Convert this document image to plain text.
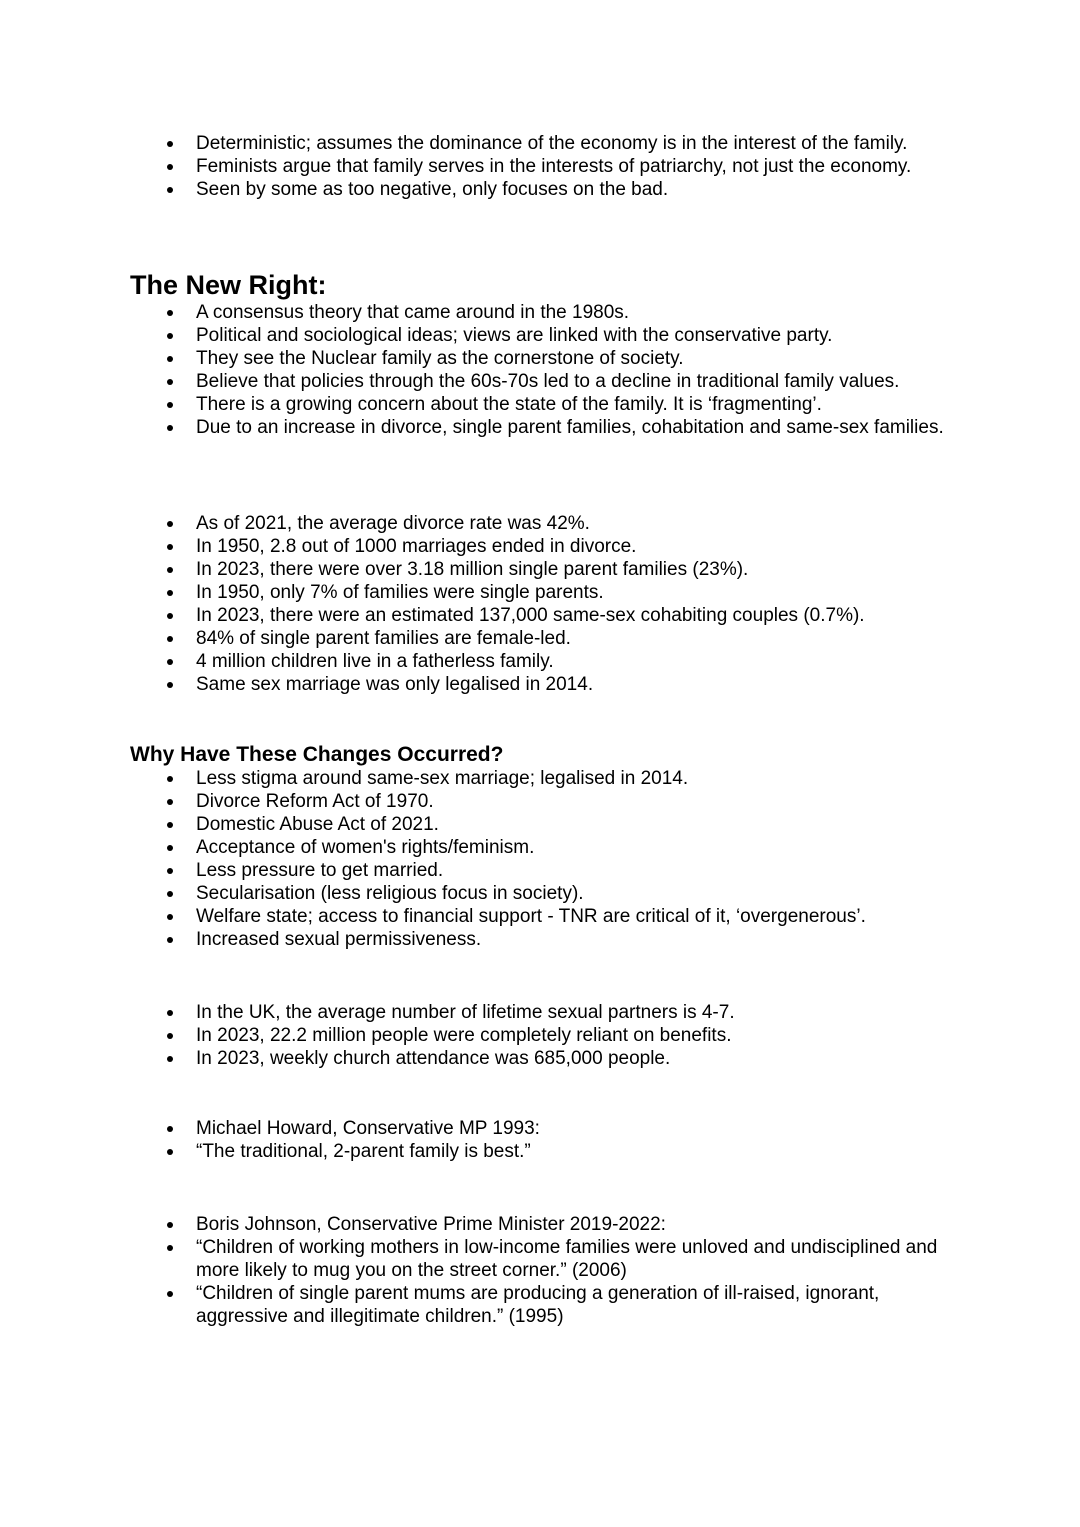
Deterministic; assumes the dominance of the economy is in the interest of the family.
Feminists argue that family serves in the interests of patriarchy, not just the economy.
Seen by some as too negative, only focuses on the bad.
The New Right:
A consensus theory that came around in the 1980s.
Political and sociological ideas; views are linked with the conservative party.
They see the Nuclear family as the cornerstone of society.
Believe that policies through the 60s-70s led to a decline in traditional family values.
There is a growing concern about the state of the family. It is ‘fragmenting’.
Due to an increase in divorce, single parent families, cohabitation and same-sex families.
As of 2021, the average divorce rate was 42%.
In 1950, 2.8 out of 1000 marriages ended in divorce.
In 2023, there were over 3.18 million single parent families (23%).
In 1950, only 7% of families were single parents.
In 2023, there were an estimated 137,000 same-sex cohabiting couples (0.7%).
84% of single parent families are female-led.
4 million children live in a fatherless family.
Same sex marriage was only legalised in 2014.
Why Have These Changes Occurred?
Less stigma around same-sex marriage; legalised in 2014.
Divorce Reform Act of 1970.
Domestic Abuse Act of 2021.
Acceptance of women's rights/feminism.
Less pressure to get married.
Secularisation (less religious focus in society).
Welfare state; access to financial support - TNR are critical of it, ‘overgenerous’.
Increased sexual permissiveness.
In the UK, the average number of lifetime sexual partners is 4-7.
In 2023, 22.2 million people were completely reliant on benefits.
In 2023, weekly church attendance was 685,000 people.
Michael Howard, Conservative MP 1993:
“The traditional, 2-parent family is best.”
Boris Johnson, Conservative Prime Minister 2019-2022:
“Children of working mothers in low-income families were unloved and undisciplined and more likely to mug you on the street corner.” (2006)
“Children of single parent mums are producing a generation of ill-raised, ignorant, aggressive and illegitimate children.” (1995)
